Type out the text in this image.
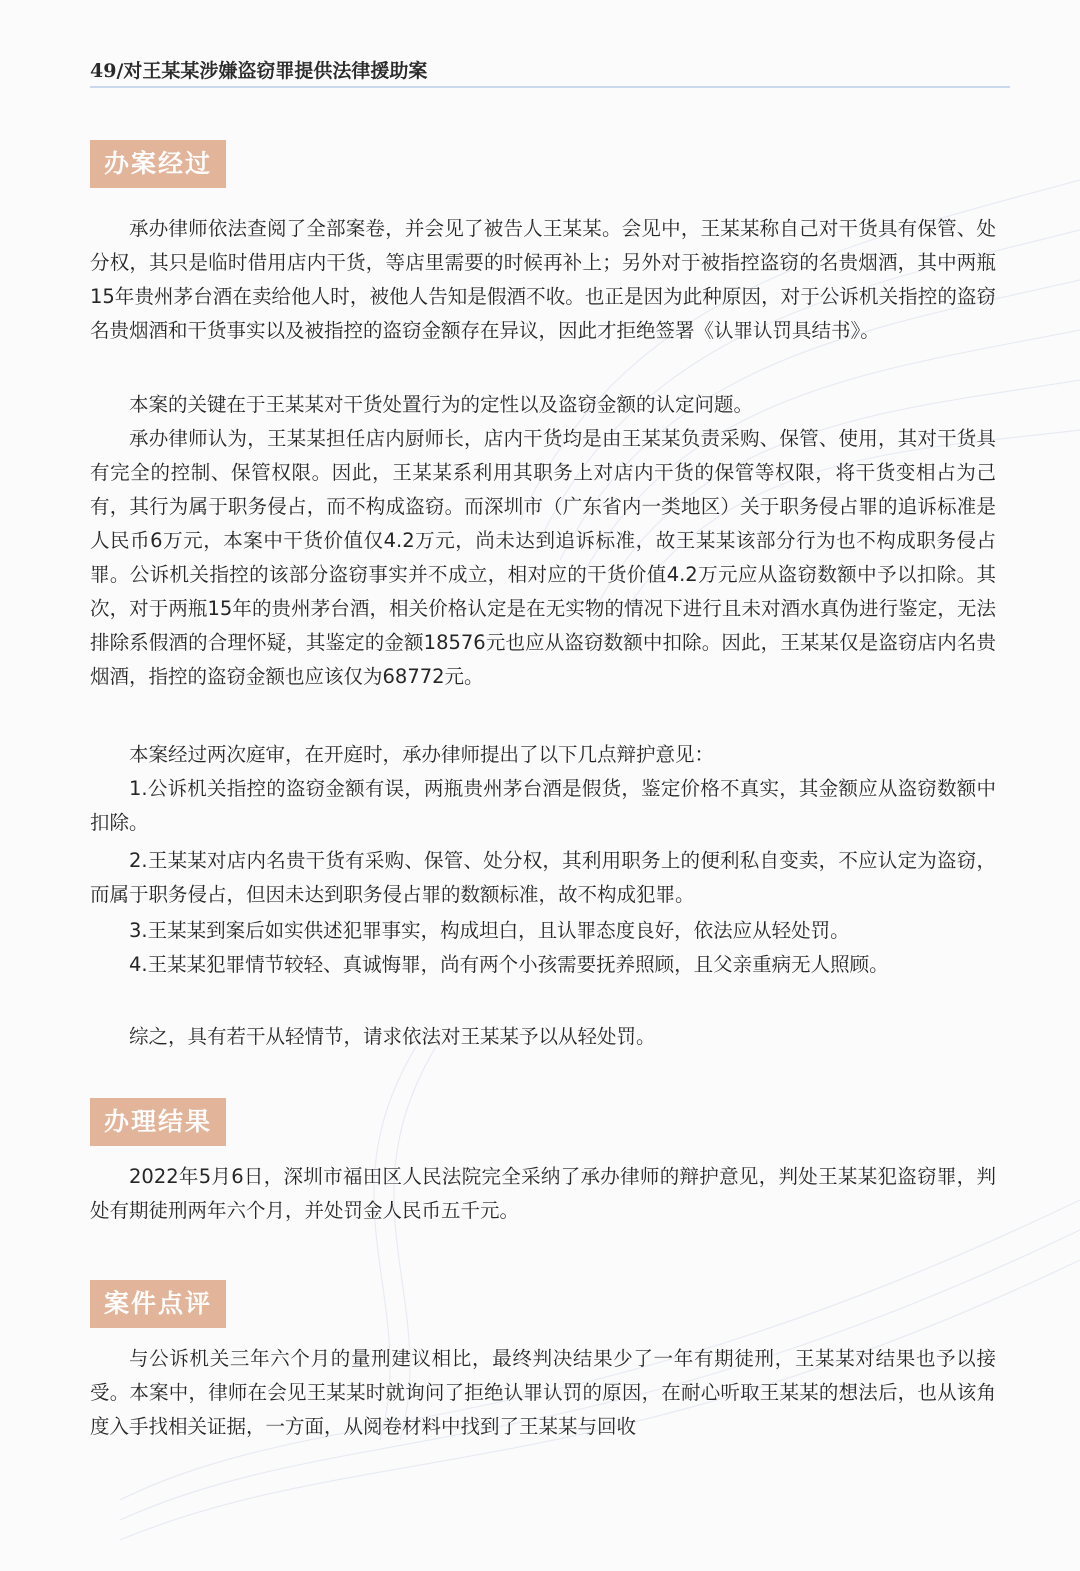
49/对王某某涉嫌盗窃罪提供法律援助案
办案经过

承办律师依法查阅了全部案卷，并会见了被告人王某某。会见中，王某某称自己对干货具有保管、处分权，其只是临时借用店内干货，等店里需要的时候再补上；另外对于被指控盗窃的名贵烟酒，其中两瓶15年贵州茅台酒在卖给他人时，被他人告知是假酒不收。也正是因为此种原因，对于公诉机关指控的盗窃名贵烟酒和干货事实以及被指控的盗窃金额存在异议，因此才拒绝签署《认罪认罚具结书》。

本案的关键在于王某某对干货处置行为的定性以及盗窃金额的认定问题。

承办律师认为，王某某担任店内厨师长，店内干货均是由王某某负责采购、保管、使用，其对干货具有完全的控制、保管权限。因此，王某某系利用其职务上对店内干货的保管等权限，将干货变相占为己有，其行为属于职务侵占，而不构成盗窃。而深圳市（广东省内一类地区）关于职务侵占罪的追诉标准是人民币6万元，本案中干货价值仅4.2万元，尚未达到追诉标准，故王某某该部分行为也不构成职务侵占罪。公诉机关指控的该部分盗窃事实并不成立，相对应的干货价值4.2万元应从盗窃数额中予以扣除。其次，对于两瓶15年的贵州茅台酒，相关价格认定是在无实物的情况下进行且未对酒水真伪进行鉴定，无法排除系假酒的合理怀疑，其鉴定的金额18576元也应从盗窃数额中扣除。因此，王某某仅是盗窃店内名贵烟酒，指控的盗窃金额也应该仅为68772元。

本案经过两次庭审，在开庭时，承办律师提出了以下几点辩护意见：

1.公诉机关指控的盗窃金额有误，两瓶贵州茅台酒是假货，鉴定价格不真实，其金额应从盗窃数额中扣除。

2.王某某对店内名贵干货有采购、保管、处分权，其利用职务上的便利私自变卖，不应认定为盗窃，而属于职务侵占，但因未达到职务侵占罪的数额标准，故不构成犯罪。

3.王某某到案后如实供述犯罪事实，构成坦白，且认罪态度良好，依法应从轻处罚。

4.王某某犯罪情节较轻、真诚悔罪，尚有两个小孩需要抚养照顾，且父亲重病无人照顾。

综之，具有若干从轻情节，请求依法对王某某予以从轻处罚。

办理结果

2022年5月6日，深圳市福田区人民法院完全采纳了承办律师的辩护意见，判处王某某犯盗窃罪，判处有期徒刑两年六个月，并处罚金人民币五千元。

案件点评

与公诉机关三年六个月的量刑建议相比，最终判决结果少了一年有期徒刑，王某某对结果也予以接受。本案中，律师在会见王某某时就询问了拒绝认罪认罚的原因，在耐心听取王某某的想法后，也从该角度入手找相关证据，一方面，从阅卷材料中找到了王某某与回收
